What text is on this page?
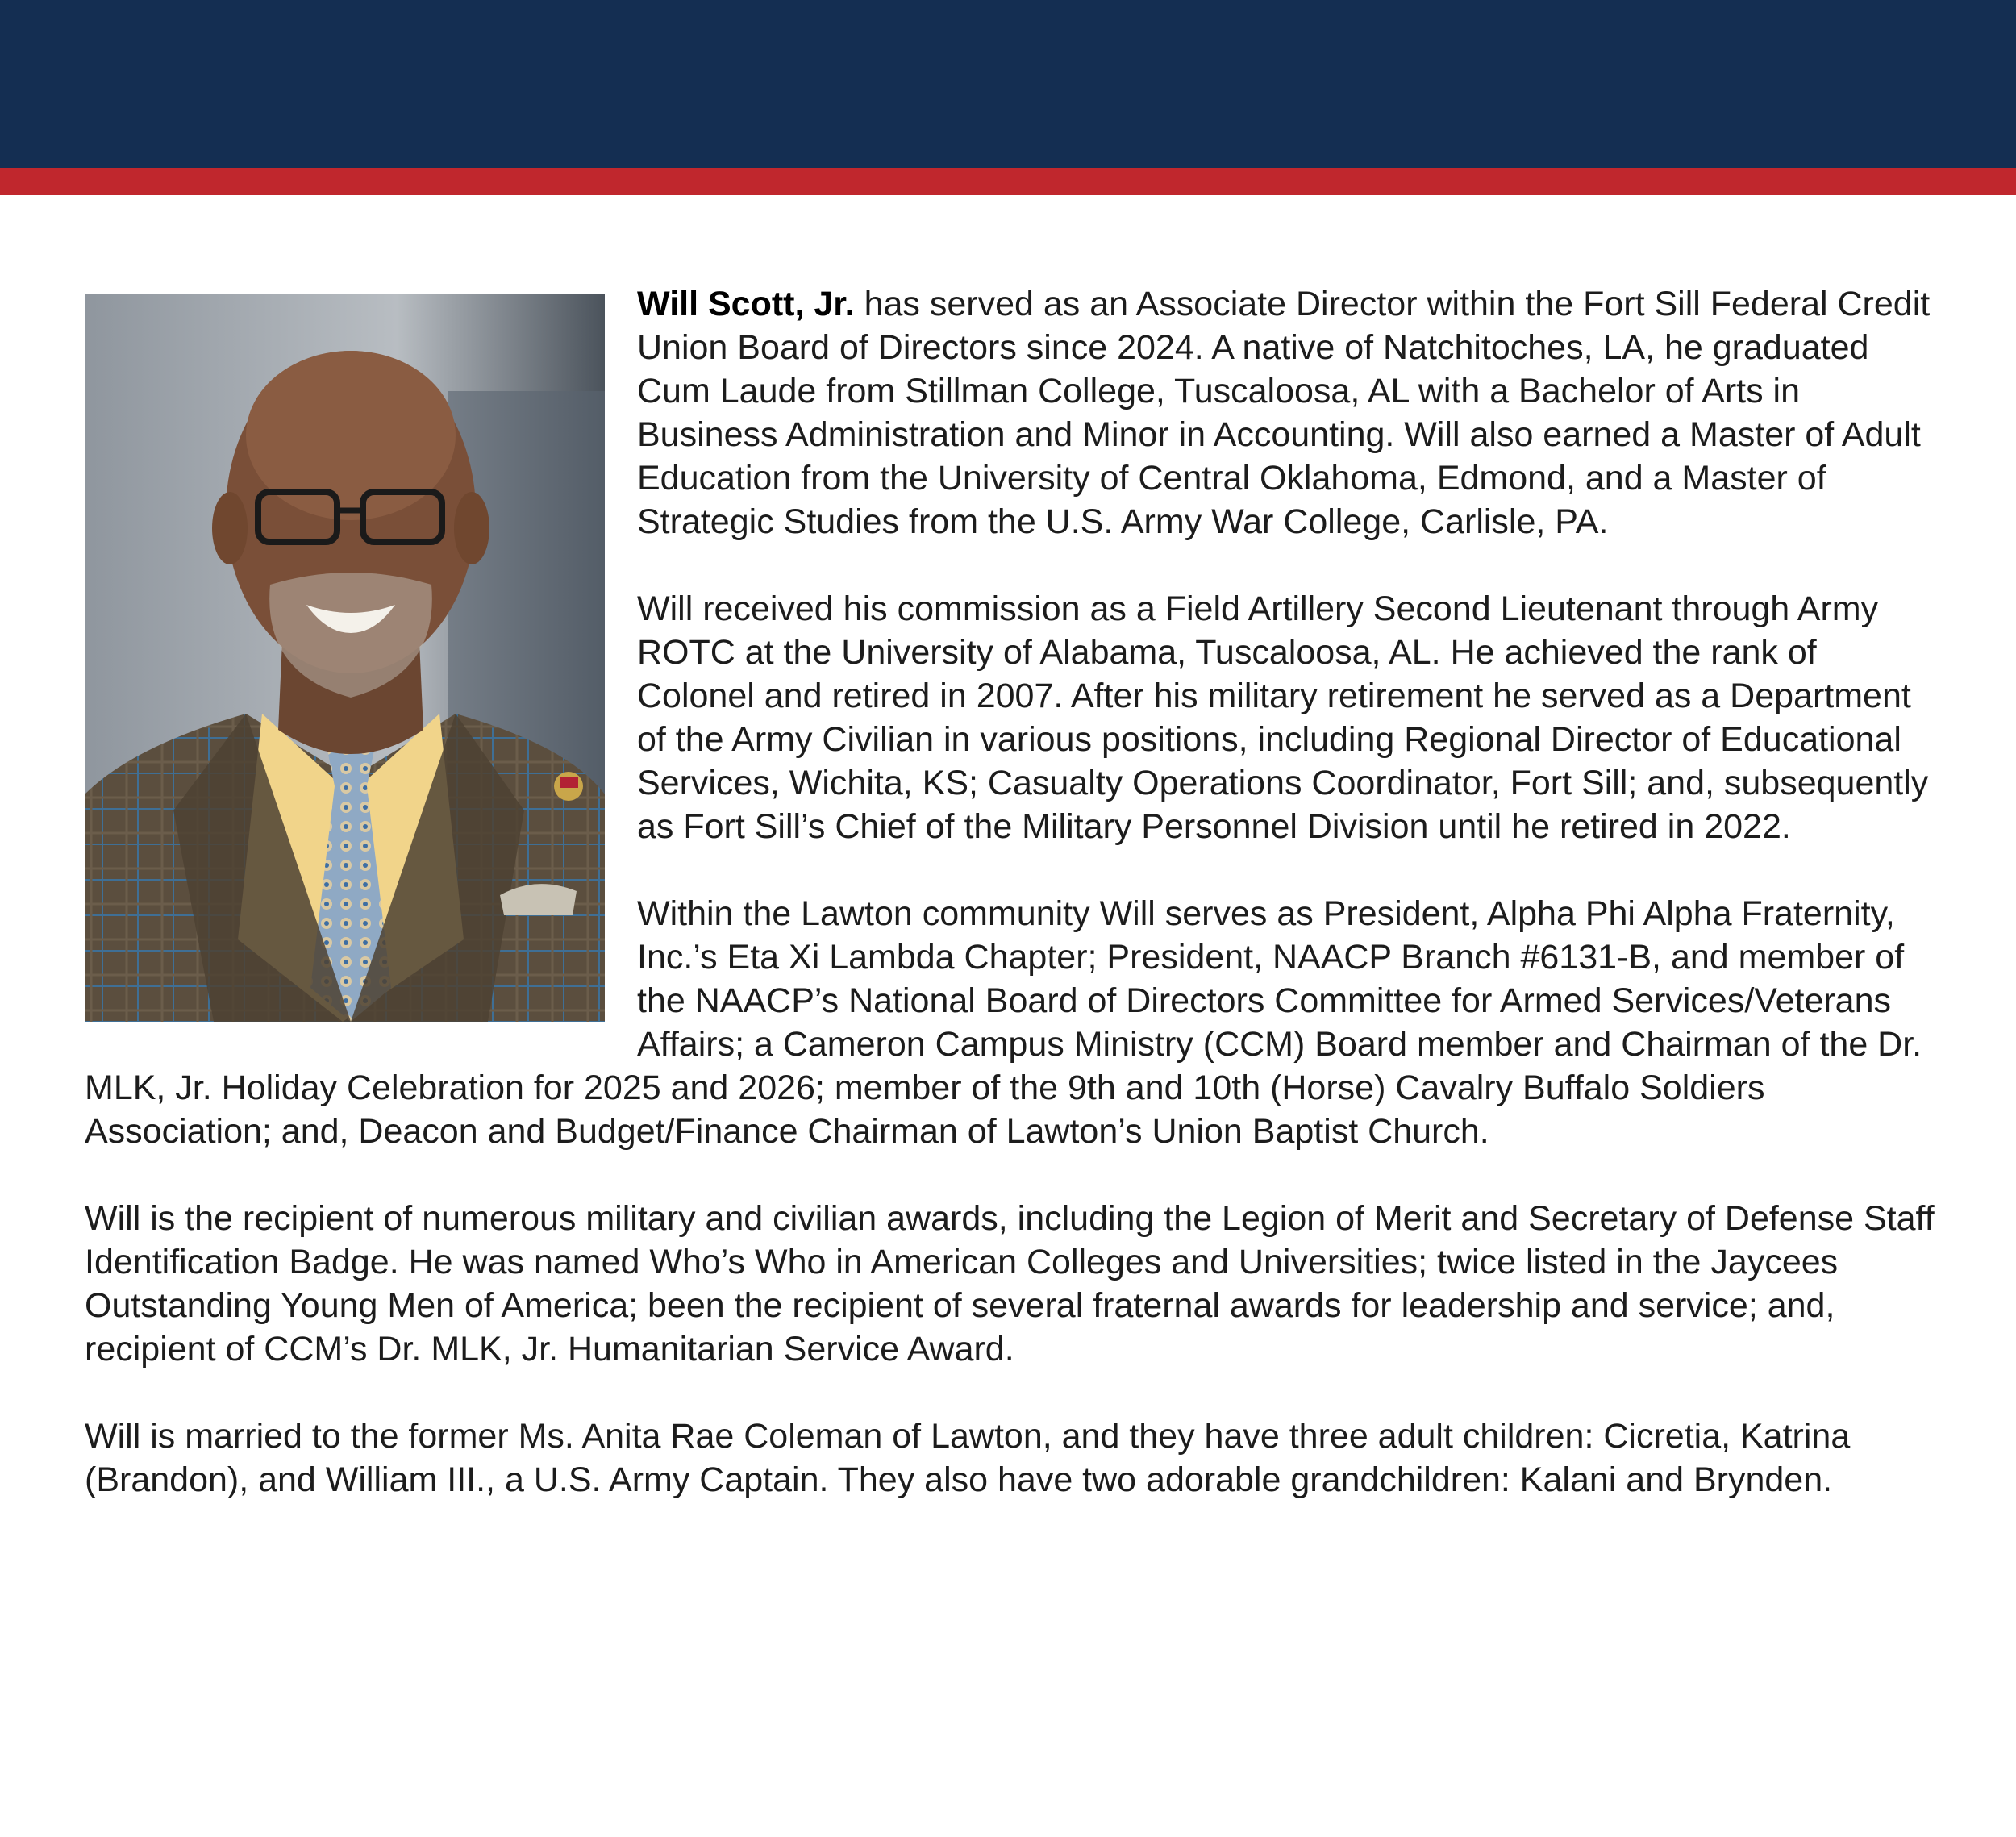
Will Scott, Jr. has served as an Associate Director within the Fort Sill Federal Credit Union Board of Directors since 2024. A native of Natchitoches, LA, he graduated Cum Laude from Stillman College, Tuscaloosa, AL with a Bachelor of Arts in Business Administration and Minor in Accounting. Will also earned a Master of Adult Education from the University of Central Oklahoma, Edmond, and a Master of Strategic Studies from the U.S. Army War College, Carlisle, PA.

Will received his commission as a Field Artillery Second Lieutenant through Army ROTC at the University of Alabama, Tuscaloosa, AL. He achieved the rank of Colonel and retired in 2007. After his military retirement he served as a Department of the Army Civilian in various positions, including Regional Director of Educational Services, Wichita, KS; Casualty Operations Coordinator, Fort Sill; and, subsequently as Fort Sill’s Chief of the Military Personnel Division until he retired in 2022.

Within the Lawton community Will serves as President, Alpha Phi Alpha Fraternity, Inc.’s Eta Xi Lambda Chapter; President, NAACP Branch #6131-B, and member of the NAACP’s National Board of Directors Committee for Armed Services/Veterans Affairs; a Cameron Campus Ministry (CCM) Board member and Chairman of the Dr. MLK, Jr. Holiday Celebration for 2025 and 2026; member of the 9th and 10th (Horse) Cavalry Buffalo Soldiers Association; and, Deacon and Budget/Finance Chairman of Lawton’s Union Baptist Church.

Will is the recipient of numerous military and civilian awards, including the Legion of Merit and Secretary of Defense Staff Identification Badge. He was named Who’s Who in American Colleges and Universities; twice listed in the Jaycees Outstanding Young Men of America; been the recipient of several fraternal awards for leadership and service; and, recipient of CCM’s Dr. MLK, Jr. Humanitarian Service Award.

Will is married to the former Ms. Anita Rae Coleman of Lawton, and they have three adult children: Cicretia, Katrina (Brandon), and William III., a U.S. Army Captain. They also have two adorable grandchildren: Kalani and Brynden.
